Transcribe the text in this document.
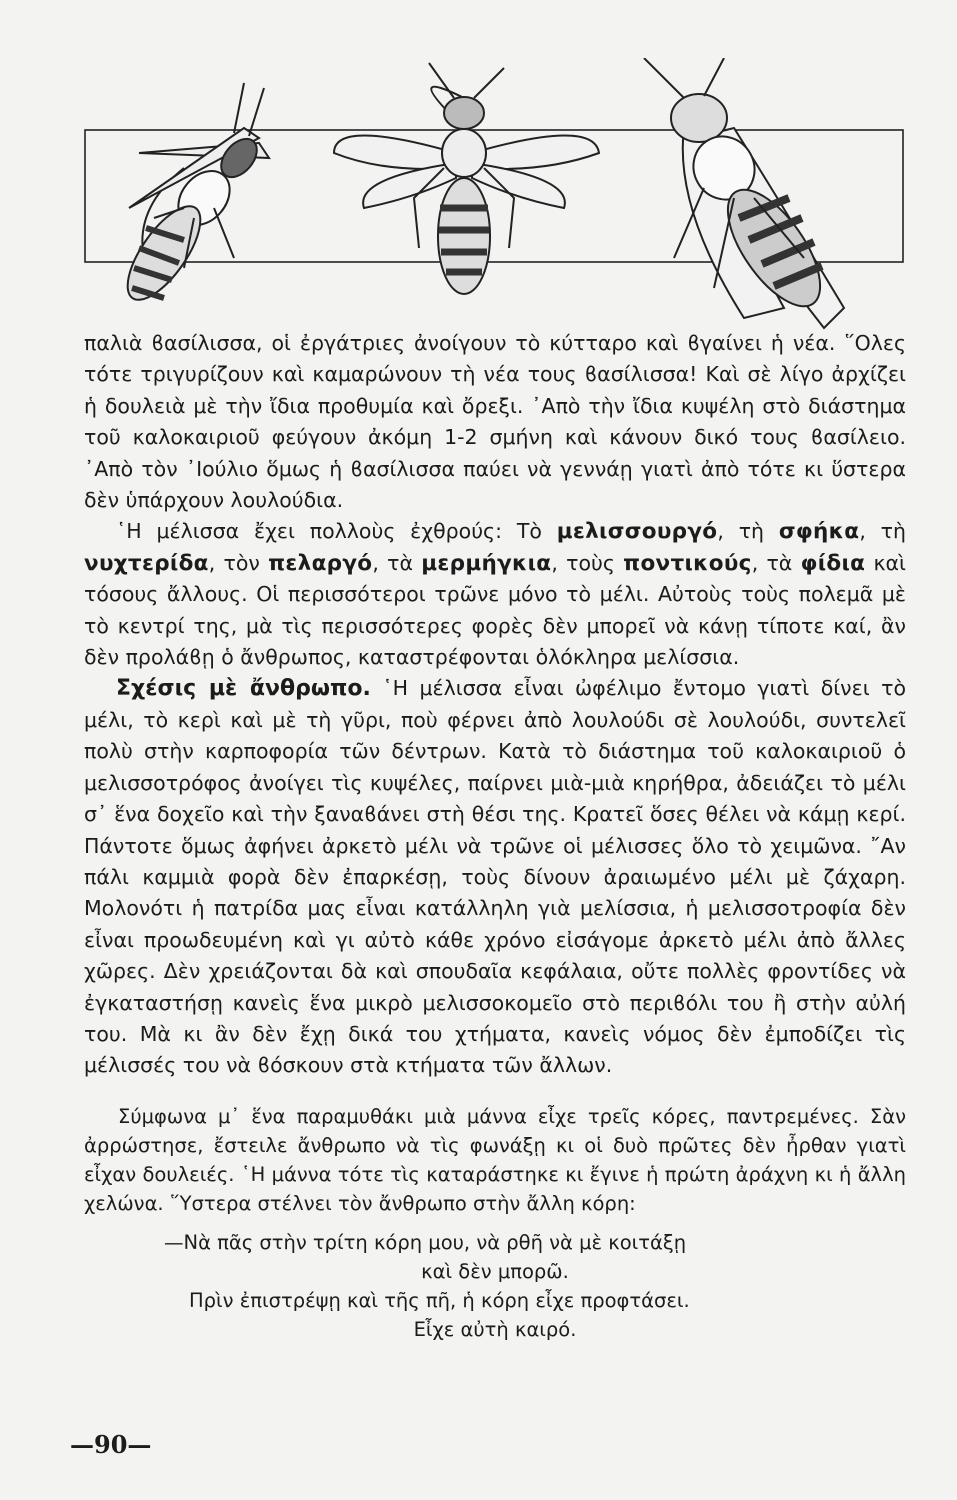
παλιὰ ϐασίλισσα, οἱ ἐργάτριες ἀνοίγουν τὸ κύτταρο καὶ ϐγαίνει ἡ νέα. ῞Ολες τότε τριγυρίζουν καὶ καμαρώνουν τὴ νέα τους ϐασίλισσα! Καὶ σὲ λίγο ἀρχίζει ἡ δουλειὰ μὲ τὴν ἴδια προθυμία καὶ ὄρεξι. ᾿Απὸ τὴν ἴδια κυψέλη στὸ διάστημα τοῦ καλοκαιριοῦ φεύγουν ἀκόμη 1-2 σμήνη καὶ κάνουν δικό τους ϐασίλειο. ᾿Απὸ τὸν ᾿Ιούλιο ὅμως ἡ ϐασίλισσα παύει νὰ γεννάῃ γιατὶ ἀπὸ τότε κι ὕστερα δὲν ὑπάρχουν λουλούδια.

῾Η μέλισσα ἔχει πολλοὺς ἐχθρούς: Τὸ μελισσουργό, τὴ σφήκα, τὴ νυχτερίδα, τὸν πελαργό, τὰ μερμήγκια, τοὺς ποντικούς, τὰ φίδια καὶ τόσους ἄλλους. Οἱ περισσότεροι τρῶνε μόνο τὸ μέλι. Αὐτοὺς τοὺς πολεμᾶ μὲ τὸ κεντρί της, μὰ τὶς περισσότερες φορὲς δὲν μπορεῖ νὰ κάνῃ τίποτε καί, ἂν δὲν προλάϐῃ ὁ ἄνθρωπος, καταστρέφονται ὁλόκληρα μελίσσια.

Σχέσις μὲ ἄνθρωπο. ῾Η μέλισσα εἶναι ὠφέλιμο ἔντομο γιατὶ δίνει τὸ μέλι, τὸ κερὶ καὶ μὲ τὴ γῦρι, ποὺ φέρνει ἀπὸ λουλούδι σὲ λουλούδι, συντελεῖ πολὺ στὴν καρποφορία τῶν δέντρων. Κατὰ τὸ διάστημα τοῦ καλοκαιριοῦ ὁ μελισσοτρόφος ἀνοίγει τὶς κυψέλες, παίρνει μιὰ-μιὰ κηρήθρα, ἀδειάζει τὸ μέλι σ᾿ ἕνα δοχεῖο καὶ τὴν ξαναϐάνει στὴ θέσι της. Κρατεῖ ὅσες θέλει νὰ κάμῃ κερί. Πάντοτε ὅμως ἀφήνει ἀρκετὸ μέλι νὰ τρῶνε οἱ μέλισσες ὅλο τὸ χειμῶνα. ῎Αν πάλι καμμιὰ φορὰ δὲν ἐπαρκέσῃ, τοὺς δίνουν ἀραιωμένο μέλι μὲ ζάχαρη. Μολονότι ἡ πατρίδα μας εἶναι κατάλληλη γιὰ μελίσσια, ἡ μελισσοτροφία δὲν εἶναι προωδευμένη καὶ γι αὐτὸ κάθε χρόνο εἰσάγομε ἀρκετὸ μέλι ἀπὸ ἄλλες χῶρες. Δὲν χρειάζονται δὰ καὶ σπουδαῖα κεφάλαια, οὔτε πολλὲς φροντίδες νὰ ἐγκαταστήσῃ κανεὶς ἕνα μικρὸ μελισσοκομεῖο στὸ περιϐόλι του ἢ στὴν αὐλή του. Μὰ κι ἂν δὲν ἔχῃ δικά του χτήματα, κανεὶς νόμος δὲν ἐμποδίζει τὶς μέλισσές του νὰ ϐόσκουν στὰ κτήματα τῶν ἄλλων.

Σύμφωνα μ᾿ ἕνα παραμυθάκι μιὰ μάννα εἶχε τρεῖς κόρες, παντρεμένες. Σὰν ἀρρώστησε, ἔστειλε ἄνθρωπο νὰ τὶς φωνάξῃ κι οἱ δυὸ πρῶτες δὲν ἦρθαν γιατὶ εἶχαν δουλειές. ῾Η μάννα τότε τὶς καταράστηκε κι ἔγινε ἡ πρώτη ἀράχνη κι ἡ ἄλλη χελώνα. ῞Υστερα στέλνει τὸν ἄνθρωπο στὴν ἄλλη κόρη:

—Νὰ πᾶς στὴν τρίτη κόρη μου, νὰ ρθῆ νὰ μὲ κοιτάξῃ

καὶ δὲν μπορῶ.

Πρὶν ἐπιστρέψῃ καὶ τῆς πῆ, ἡ κόρη εἶχε προφτάσει.

Εἶχε αὐτὴ καιρό.

—90—
